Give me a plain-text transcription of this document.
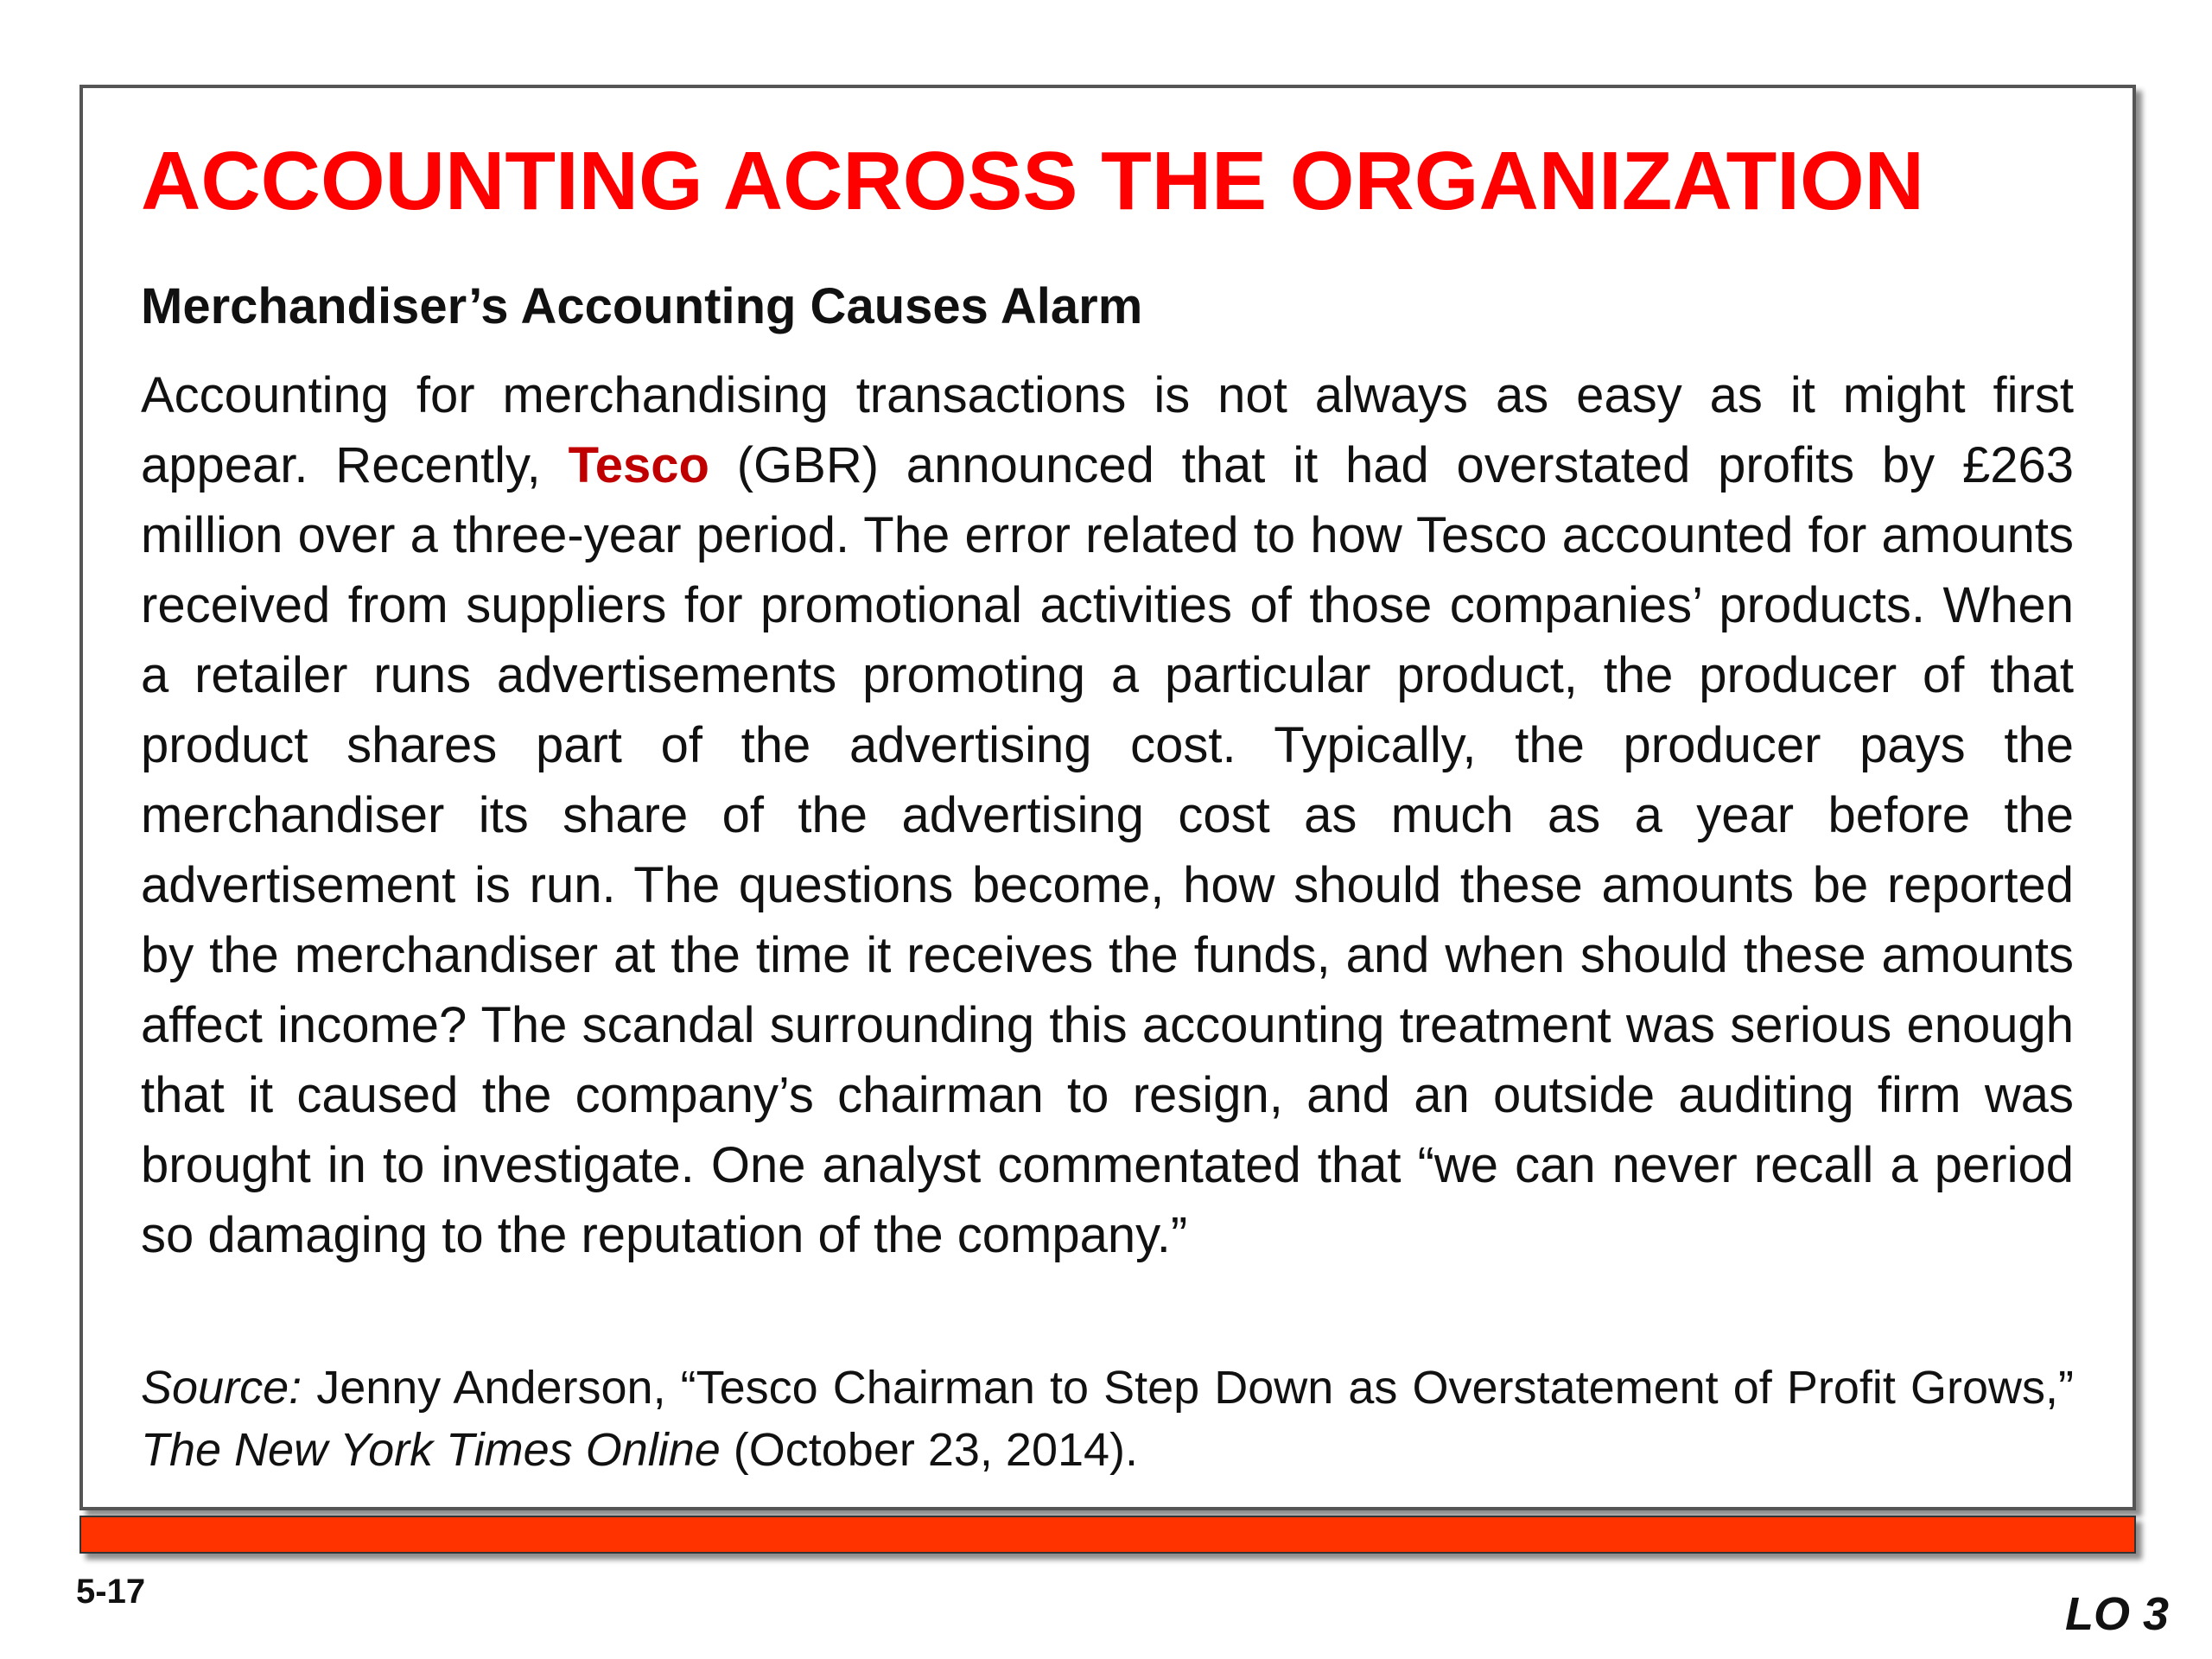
ACCOUNTING ACROSS THE ORGANIZATION
Merchandiser’s Accounting Causes Alarm

Accounting for merchandising transactions is not always as easy as it might first appear. Recently, Tesco (GBR) announced that it had overstated profits by £263 million over a three-year period. The error related to how Tesco accounted for amounts received from suppliers for promotional activities of those companies’ products. When a retailer runs advertisements promoting a particular product, the producer of that product shares part of the advertising cost. Typically, the producer pays the merchandiser its share of the advertising cost as much as a year before the advertisement is run. The questions become, how should these amounts be reported by the merchandiser at the time it receives the funds, and when should these amounts affect income? The scandal surrounding this accounting treatment was serious enough that it caused the company’s chairman to resign, and an outside auditing firm was brought in to investigate. One analyst commentated that “we can never recall a period so damaging to the reputation of the company.”

Source: Jenny Anderson, “Tesco Chairman to Step Down as Overstatement of Profit Grows,” The New York Times Online (October 23, 2014).

5-17	LO 3
